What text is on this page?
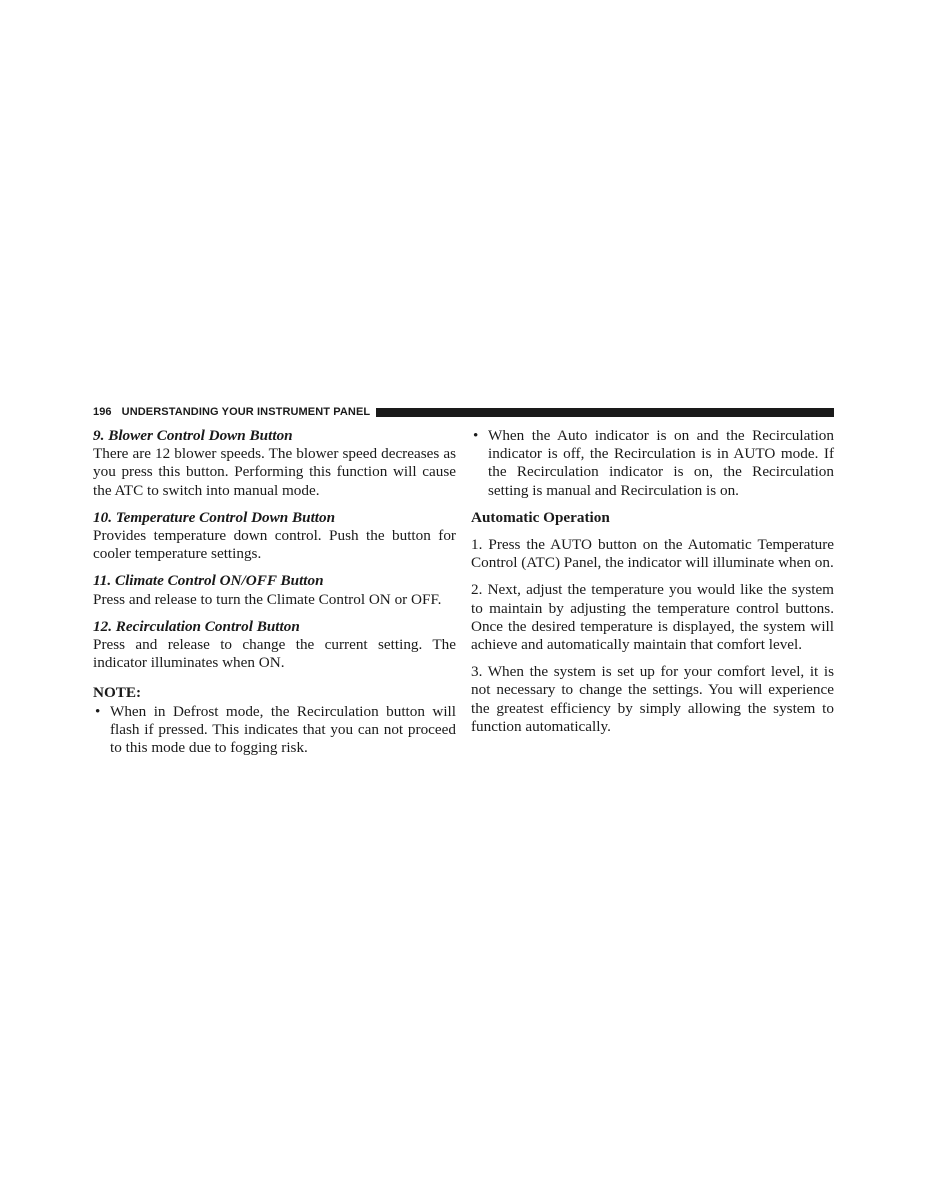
196 UNDERSTANDING YOUR INSTRUMENT PANEL
9. Blower Control Down Button

There are 12 blower speeds. The blower speed decreases as you press this button. Performing this function will cause the ATC to switch into manual mode.

10. Temperature Control Down Button

Provides temperature down control. Push the button for cooler temperature settings.

11. Climate Control ON/OFF Button

Press and release to turn the Climate Control ON or OFF.

12. Recirculation Control Button

Press and release to change the current setting. The indicator illuminates when ON.

NOTE:
• When in Defrost mode, the Recirculation button will flash if pressed. This indicates that you can not proceed to this mode due to fogging risk.
• When the Auto indicator is on and the Recirculation indicator is off, the Recirculation is in AUTO mode. If the Recirculation indicator is on, the Recirculation setting is manual and Recirculation is on.
Automatic Operation

1. Press the AUTO button on the Automatic Temperature Control (ATC) Panel, the indicator will illuminate when on.

2. Next, adjust the temperature you would like the system to maintain by adjusting the temperature control buttons. Once the desired temperature is displayed, the system will achieve and automatically maintain that comfort level.

3. When the system is set up for your comfort level, it is not necessary to change the settings. You will experience the greatest efficiency by simply allowing the system to function automatically.
